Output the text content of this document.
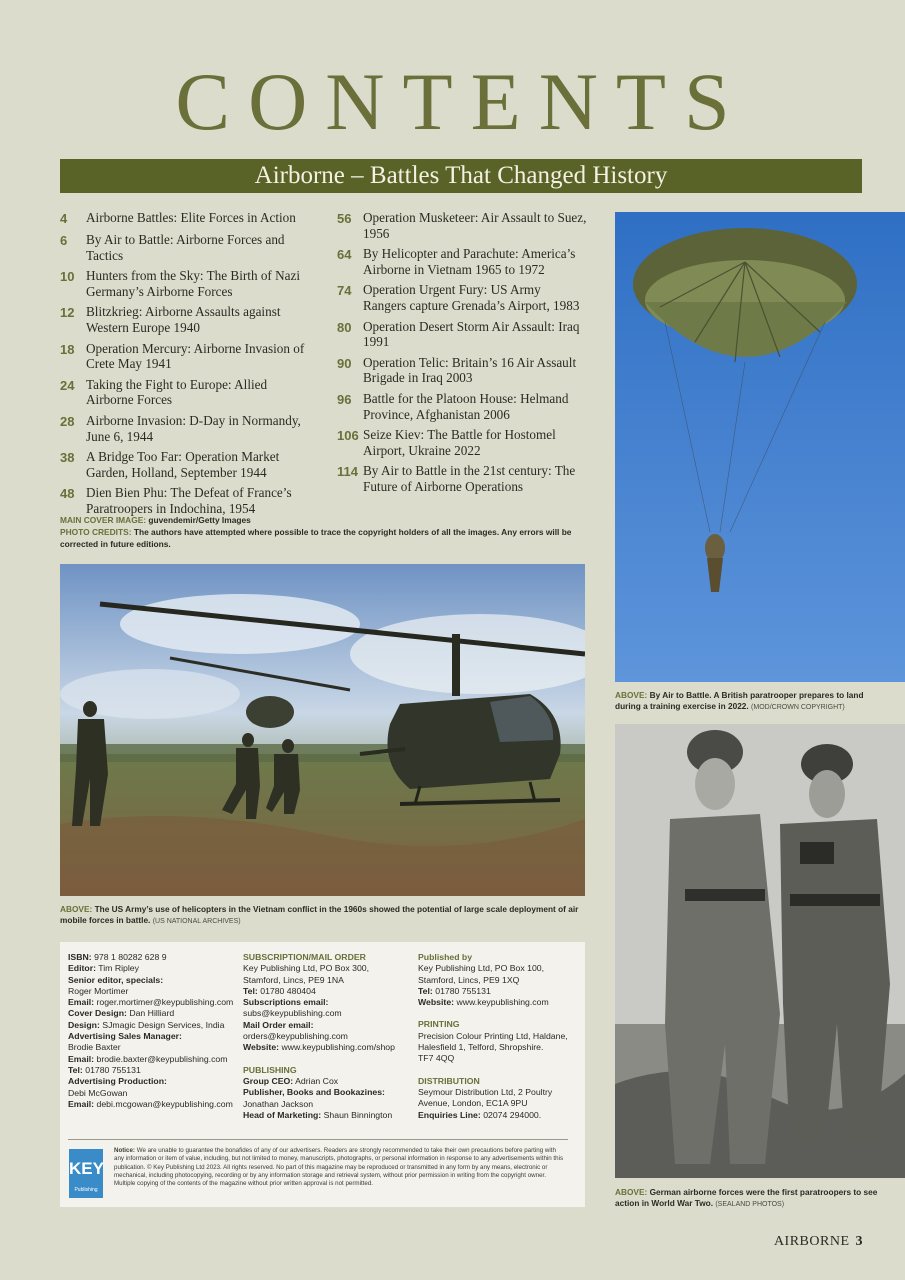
CONTENTS
Airborne – Battles That Changed History
4	Airborne Battles: Elite Forces in Action
6	By Air to Battle: Airborne Forces and Tactics
10 Hunters from the Sky: The Birth of Nazi Germany’s Airborne Forces
12 Blitzkrieg: Airborne Assaults against Western Europe 1940
18 Operation Mercury: Airborne Invasion of Crete May 1941
24 Taking the Fight to Europe: Allied Airborne Forces
28 Airborne Invasion: D-Day in Normandy, June 6, 1944
38 A Bridge Too Far: Operation Market Garden, Holland, September 1944
48 Dien Bien Phu: The Defeat of France’s Paratroopers in Indochina, 1954
56 Operation Musketeer: Air Assault to Suez, 1956
64 By Helicopter and Parachute: America’s Airborne in Vietnam 1965 to 1972
74 Operation Urgent Fury: US Army Rangers capture Grenada’s Airport, 1983
80 Operation Desert Storm Air Assault: Iraq 1991
90 Operation Telic: Britain’s 16 Air Assault Brigade in Iraq 2003
96 Battle for the Platoon House: Helmand Province, Afghanistan 2006
106 Seize Kiev: The Battle for Hostomel Airport, Ukraine 2022
114 By Air to Battle in the 21st century: The Future of Airborne Operations
MAIN COVER IMAGE: guvendemir/Getty Images
PHOTO CREDITS: The authors have attempted where possible to trace the copyright holders of all the images. Any errors will be corrected in future editions.
ABOVE: The US Army’s use of helicopters in the Vietnam conflict in the 1960s showed the potential of large scale deployment of air mobile forces in battle. (US NATIONAL ARCHIVES)
ABOVE: By Air to Battle. A British paratrooper prepares to land during a training exercise in 2022. (MOD/CROWN COPYRIGHT)
ABOVE: German airborne forces were the first paratroopers to see action in World War Two. (SEALAND PHOTOS)
ISBN: 978 1 80282 628 9
Editor: Tim Ripley
Senior editor, specials:
Roger Mortimer
Email: roger.mortimer@keypublishing.com
Cover Design: Dan Hilliard
Design: SJmagic Design Services, India
Advertising Sales Manager:
Brodie Baxter
Email: brodie.baxter@keypublishing.com
Tel: 01780 755131
Advertising Production:
Debi McGowan
Email: debi.mcgowan@keypublishing.com
SUBSCRIPTION/MAIL ORDER
Key Publishing Ltd, PO Box 300,
Stamford, Lincs, PE9 1NA
Tel: 01780 480404
Subscriptions email:
subs@keypublishing.com
Mail Order email:
orders@keypublishing.com
Website: www.keypublishing.com/shop
PUBLISHING
Group CEO: Adrian Cox
Publisher, Books and Bookazines:
Jonathan Jackson
Head of Marketing: Shaun Binnington
Published by
Key Publishing Ltd, PO Box 100,
Stamford, Lincs, PE9 1XQ
Tel: 01780 755131
Website: www.keypublishing.com
PRINTING
Precision Colour Printing Ltd, Haldane,
Halesfield 1, Telford, Shropshire.
TF7 4QQ
DISTRIBUTION
Seymour Distribution Ltd, 2 Poultry
Avenue, London, EC1A 9PU
Enquiries Line: 02074 294000.
KEY
Publishing
Notice: We are unable to guarantee the bonafides of any of our advertisers. Readers are strongly recommended to take their own precautions before parting with any information or item of value, including, but not limited to money, manuscripts, photographs, or personal information in response to any advertisements within this publication. © Key Publishing Ltd 2023. All rights reserved. No part of this magazine may be reproduced or transmitted in any form by any means, electronic or mechanical, including photocopying, recording or by any information storage and retrieval system, without prior permission in writing from the copyright owner. Multiple copying of the contents of the magazine without prior written approval is not permitted.
AIRBORNE 3
